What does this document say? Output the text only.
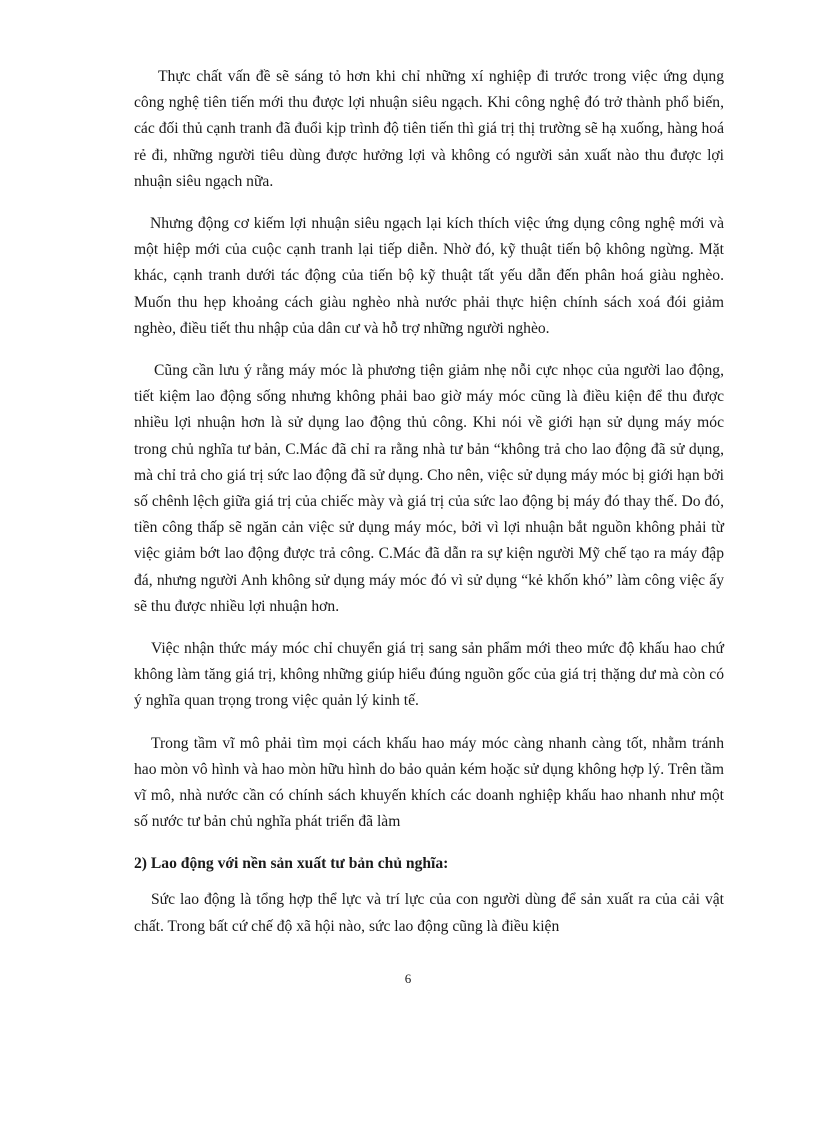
Thực chất vấn đề sẽ sáng tỏ hơn khi chỉ những xí nghiệp đi trước trong việc ứng dụng công nghệ tiên tiến mới thu được lợi nhuận siêu ngạch. Khi công nghệ đó trở thành phổ biến, các đối thủ cạnh tranh đã đuổi kịp trình độ tiên tiến thì giá trị thị trường sẽ hạ xuống, hàng hoá rẻ đi, những người tiêu dùng được hưởng lợi và không có người sản xuất nào thu được lợi nhuận siêu ngạch nữa.

Nhưng động cơ kiếm lợi nhuận siêu ngạch lại kích thích việc ứng dụng công nghệ mới và một hiệp mới của cuộc cạnh tranh lại tiếp diễn. Nhờ đó, kỹ thuật tiến bộ không ngừng. Mặt khác, cạnh tranh dưới tác động của tiến bộ kỹ thuật tất yếu dẫn đến phân hoá giàu nghèo. Muốn thu hẹp khoảng cách giàu nghèo nhà nước phải thực hiện chính sách xoá đói giảm nghèo, điều tiết thu nhập của dân cư và hỗ trợ những người nghèo.

Cũng cần lưu ý rằng máy móc là phương tiện giảm nhẹ nỗi cực nhọc của người lao động, tiết kiệm lao động sống nhưng không phải bao giờ máy móc cũng là điều kiện để thu được nhiều lợi nhuận hơn là sử dụng lao động thủ công. Khi nói về giới hạn sử dụng máy móc trong chủ nghĩa tư bản, C.Mác đã chỉ ra rằng nhà tư bản “không trả cho lao động đã sử dụng, mà chỉ trả cho giá trị sức lao động đã sử dụng. Cho nên, việc sử dụng máy móc bị giới hạn bởi số chênh lệch giữa giá trị của chiếc mày và giá trị của sức lao động bị máy đó thay thế. Do đó, tiền công thấp sẽ ngăn cản việc sử dụng máy móc, bởi vì lợi nhuận bắt nguồn không phải từ việc giảm bớt lao động được trả công. C.Mác đã dẫn ra sự kiện người Mỹ chế tạo ra máy đập đá, nhưng người Anh không sử dụng máy móc đó vì sử dụng “kẻ khốn khó” làm công việc ấy sẽ thu được nhiều lợi nhuận hơn.

Việc nhận thức máy móc chỉ chuyển giá trị sang sản phẩm mới theo mức độ khấu hao chứ không làm tăng giá trị, không những giúp hiểu đúng nguồn gốc của giá trị thặng dư mà còn có ý nghĩa quan trọng trong việc quản lý kinh tế.

Trong tầm vĩ mô phải tìm mọi cách khấu hao máy móc càng nhanh càng tốt, nhằm tránh hao mòn vô hình và hao mòn hữu hình do bảo quản kém hoặc sử dụng không hợp lý. Trên tầm vĩ mô, nhà nước cần có chính sách khuyến khích các doanh nghiệp khấu hao nhanh như một số nước tư bản chủ nghĩa phát triển đã làm

2) Lao động với nền sản xuất tư bản chủ nghĩa:

Sức lao động là tổng hợp thể lực và trí lực của con người dùng để sản xuất ra của cải vật chất. Trong bất cứ chế độ xã hội nào, sức lao động cũng là điều kiện

6
